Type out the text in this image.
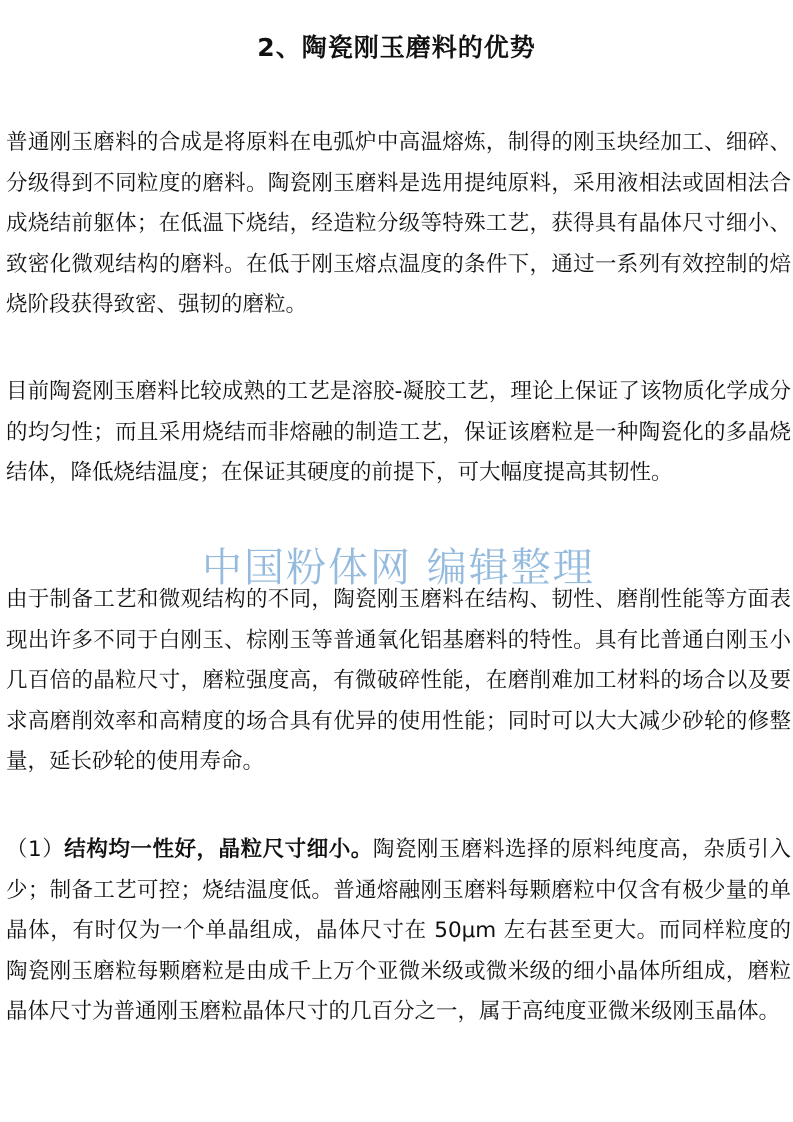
2、陶瓷刚玉磨料的优势

普通刚玉磨料的合成是将原料在电弧炉中高温熔炼，制得的刚玉块经加工、细碎、分级得到不同粒度的磨料。陶瓷刚玉磨料是选用提纯原料，采用液相法或固相法合成烧结前躯体；在低温下烧结，经造粒分级等特殊工艺，获得具有晶体尺寸细小、致密化微观结构的磨料。在低于刚玉熔点温度的条件下，通过一系列有效控制的焙烧阶段获得致密、强韧的磨粒。

目前陶瓷刚玉磨料比较成熟的工艺是溶胶-凝胶工艺，理论上保证了该物质化学成分的均匀性；而且采用烧结而非熔融的制造工艺，保证该磨粒是一种陶瓷化的多晶烧结体，降低烧结温度；在保证其硬度的前提下，可大幅度提高其韧性。

中国粉体网 编辑整理

由于制备工艺和微观结构的不同，陶瓷刚玉磨料在结构、韧性、磨削性能等方面表现出许多不同于白刚玉、棕刚玉等普通氧化铝基磨料的特性。具有比普通白刚玉小几百倍的晶粒尺寸，磨粒强度高，有微破碎性能，在磨削难加工材料的场合以及要求高磨削效率和高精度的场合具有优异的使用性能；同时可以大大减少砂轮的修整量，延长砂轮的使用寿命。

（1）结构均一性好，晶粒尺寸细小。陶瓷刚玉磨料选择的原料纯度高，杂质引入少；制备工艺可控；烧结温度低。普通熔融刚玉磨料每颗磨粒中仅含有极少量的单晶体，有时仅为一个单晶组成，晶体尺寸在 50μm 左右甚至更大。而同样粒度的陶瓷刚玉磨粒每颗磨粒是由成千上万个亚微米级或微米级的细小晶体所组成，磨粒晶体尺寸为普通刚玉磨粒晶体尺寸的几百分之一，属于高纯度亚微米级刚玉晶体。
